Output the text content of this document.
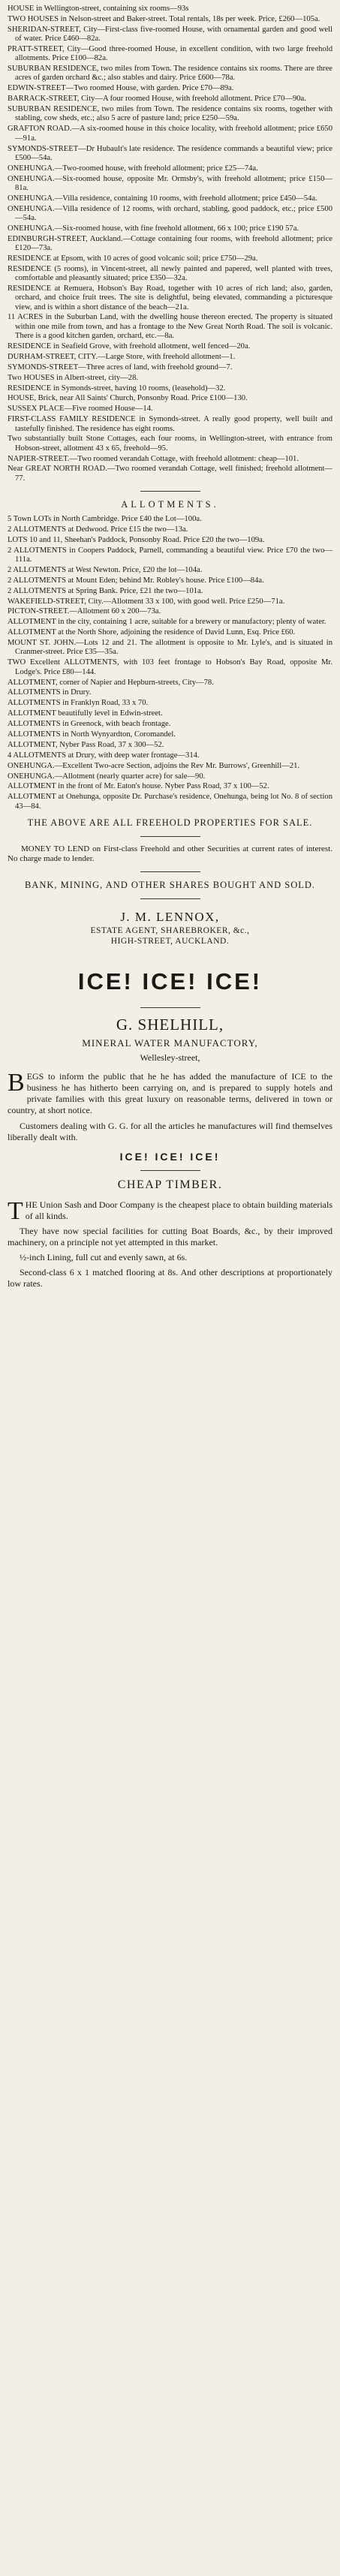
HOUSE in Wellington-street, containing six rooms—93s

TWO HOUSES in Nelson-street and Baker-street. Total rentals, 18s per week. Price, £260—105a.

SHERIDAN-STREET, City—First-class five-roomed House, with ornamental garden and good well of water. Price £460—82a.

PRATT-STREET, City—Good three-roomed House, in excellent condition, with two large freehold allotments. Price £100—82a.

SUBURBAN RESIDENCE, two miles from Town. The residence contains six rooms. There are three acres of garden orchard &c.; also stables and dairy. Price £600—78a.

EDWIN-STREET—Two roomed House, with garden. Price £70—89a.

BARRACK-STREET, City—A four roomed House, with freehold allotment. Price £70—90a.

SUBURBAN RESIDENCE, two miles from Town. The residence contains six rooms, together with stabling, cow sheds, etc.; also 5 acre of pasture land; price £250—59a.

GRAFTON ROAD.—A six-roomed house in this choice locality, with freehold allotment; price £650—91a.

SYMONDS-STREET—Dr Hubault's late residence. The residence commands a beautiful view; price £500—54a.

ONEHUNGA.—Two-roomed house, with freehold allotment; price £25—74a.

ONEHUNGA.—Six-roomed house, opposite Mr. Ormsby's, with freehold allotment; price £150—81a.

ONEHUNGA.—Villa residence, containing 10 rooms, with freehold allotment; price £450—54a.

ONEHUNGA.—Villa residence of 12 rooms, with orchard, stabling, good paddock, etc.; price £500—54a.

ONEHUNGA.—Six-roomed house, with fine freehold allotment, 66 x 100; price £190 57a.

EDINBURGH-STREET, Auckland.—Cottage containing four rooms, with freehold allotment; price £120—73a.

RESIDENCE at Epsom, with 10 acres of good volcanic soil; price £750—29a.

RESIDENCE (5 rooms), in Vincent-street, all newly painted and papered, well planted with trees, comfortable and pleasantly situated; price £350—32a.

RESIDENCE at Remuera, Hobson's Bay Road, together with 10 acres of rich land; also, garden, orchard, and choice fruit trees. The site is delightful, being elevated, commanding a picturesque view, and is within a short distance of the beach—21a.

11 ACRES in the Suburban Land, with the dwelling house thereon erected. The property is situated within one mile from town, and has a frontage to the New Great North Road. The soil is volcanic. There is a good kitchen garden, orchard, etc.—8a.

RESIDENCE in Seafield Grove, with freehold allotment, well fenced—20a.

DURHAM-STREET, CITY.—Large Store, with freehold allotment—1.

SYMONDS-STREET—Three acres of land, with freehold ground—7.

Two HOUSES in Albert-street, city—28.

RESIDENCE in Symonds-street, having 10 rooms, (leasehold)—32.

HOUSE, Brick, near All Saints' Church, Ponsonby Road. Price £100—130.

SUSSEX PLACE—Five roomed House—14.

FIRST-CLASS FAMILY RESIDENCE in Symonds-street. A really good property, well built and tastefully finished. The residence has eight rooms.

Two substantially built Stone Cottages, each four rooms, in Wellington-street, with entrance from Hobson-street, allotment 43 x 65, freehold—95.

NAPIER-STREET.—Two roomed verandah Cottage, with freehold allotment: cheap—101.

Near GREAT NORTH ROAD.—Two roomed verandah Cottage, well finished; freehold allotment—77.

ALLOTMENTS.

5 Town LOTs in North Cambridge. Price £40 the Lot—100a.

2 ALLOTMENTS at Dedwood. Price £15 the two—13a.

LOTS 10 and 11, Sheehan's Paddock, Ponsonby Road. Price £20 the two—109a.

2 ALLOTMENTS in Coopers Paddock, Parnell, commanding a beautiful view. Price £70 the two—111a.

2 ALLOTMENTS at West Newton. Price, £20 the lot—104a.

2 ALLOTMENTS at Mount Eden; behind Mr. Robley's house. Price £100—84a.

2 ALLOTMENTS at Spring Bank. Price, £21 the two—101a.

WAKEFIELD-STREET, City.—Allotment 33 x 100, with good well. Price £250—71a.

PICTON-STREET.—Allotment 60 x 200—73a.

ALLOTMENT in the city, containing 1 acre, suitable for a brewery or manufactory; plenty of water.

ALLOTMENT at the North Shore, adjoining the residence of David Lunn, Esq. Price £60.

MOUNT ST. JOHN.—Lots 12 and 21. The allotment is opposite to Mr. Lyle's, and is situated in Cranmer-street. Price £35—35a.

TWO Excellent ALLOTMENTS, with 103 feet frontage to Hobson's Bay Road, opposite Mr. Lodge's. Price £80—144.

ALLOTMENT, corner of Napier and Hepburn-streets, City—78.

ALLOTMENTS in Drury.

ALLOTMENTS in Franklyn Road, 33 x 70.

ALLOTMENT beautifully level in Edwin-street.

ALLOTMENTS in Greenock, with beach frontage.

ALLOTMENTS in North Wynyardton, Coromandel.

ALLOTMENT, Nyber Pass Road, 37 x 300—52.

4 ALLOTMENTS at Drury, with deep water frontage—314.

ONEHUNGA.—Excellent Two-acre Section, adjoins the Rev Mr. Burrows', Greenhill—21.

ONEHUNGA.—Allotment (nearly quarter acre) for sale—90.

ALLOTMENT in the front of Mr. Eaton's house. Nyber Pass Road, 37 x 100—52.

ALLOTMENT at Onehunga, opposite Dr. Purchase's residence, Onehunga, being lot No. 8 of section 43—84.

THE ABOVE ARE ALL FREEHOLD PROPERTIES FOR SALE.

MONEY TO LEND on First-class Freehold and other Securities at current rates of interest. No charge made to lender.

BANK, MINING, AND OTHER SHARES BOUGHT AND SOLD.

J. M. LENNOX,
ESTATE AGENT, SHAREBROKER, &c.,
HIGH-STREET, AUCKLAND.
ICE! ICE! ICE!
G. SHELHILL,
MINERAL WATER MANUFACTORY,
Wellesley-street,

BEGS to inform the public that he he has added the manufacture of ICE to the business he has hitherto been carrying on, and is prepared to supply hotels and private families with this great luxury on reasonable terms, delivered in town or country, at short notice.

Customers dealing with G. G. for all the articles he manufactures will find themselves liberally dealt with.

ICE! ICE! ICE!
CHEAP TIMBER.

THE Union Sash and Door Company is the cheapest place to obtain building materials of all kinds.

They have now special facilities for cutting Boat Boards, &c., by their improved machinery, on a principle not yet attempted in this market.

½-inch Lining, full cut and evenly sawn, at 6s.

Second-class 6 x 1 matched flooring at 8s. And other descriptions at proportionately low rates.
